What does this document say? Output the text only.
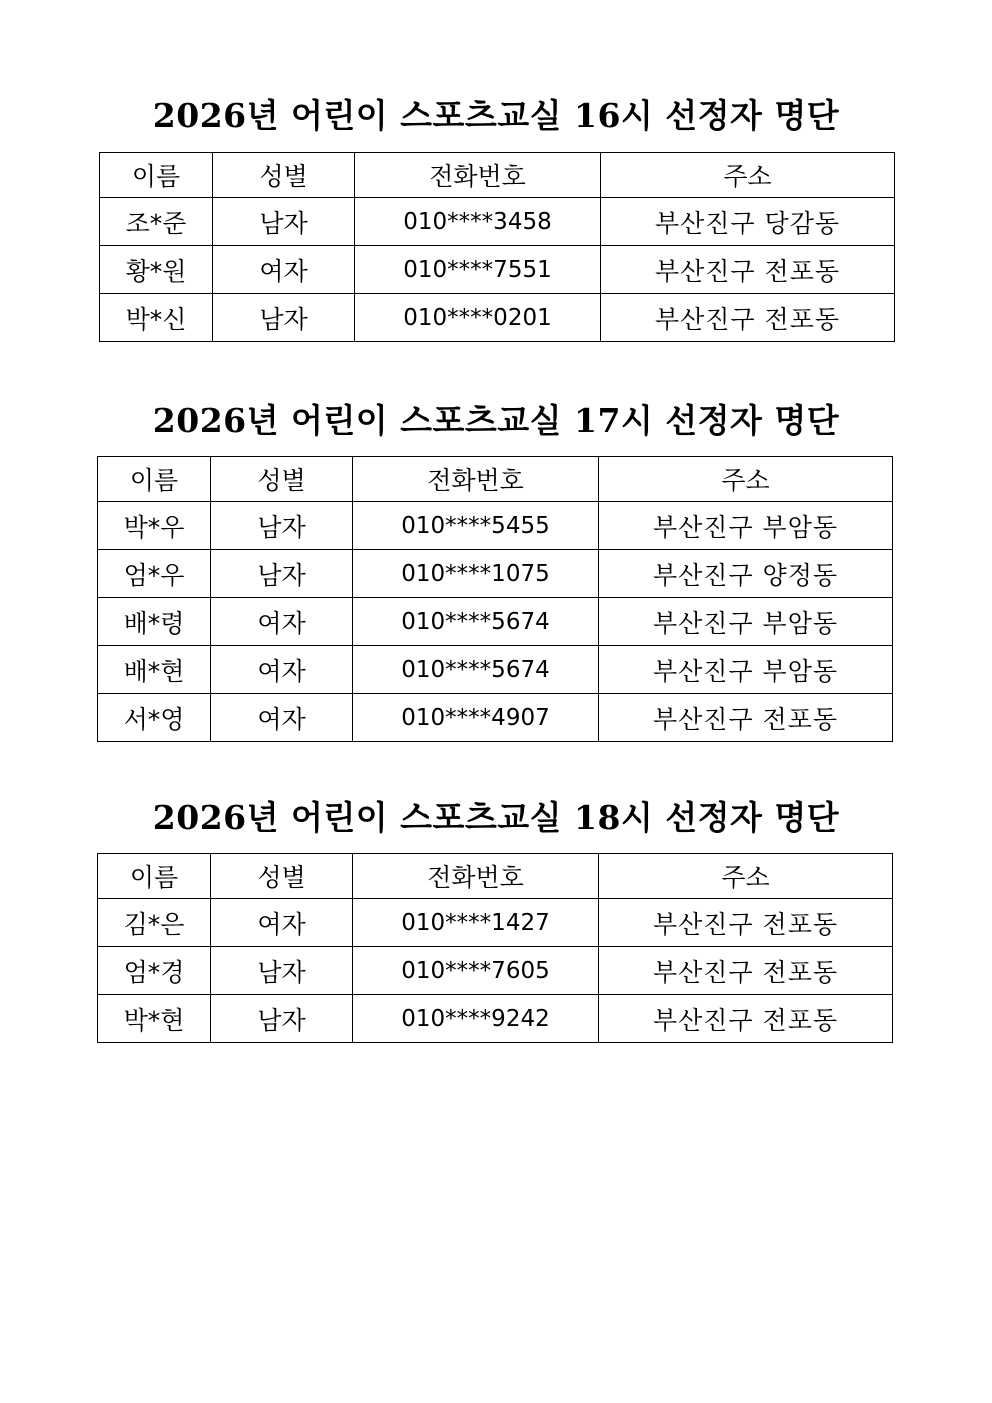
2026년 어린이 스포츠교실 16시 선정자 명단
이름	성별	전화번호	주소
조*준	남자	010****3458	부산진구 당감동
황*원	여자	010****7551	부산진구 전포동
박*신	남자	010****0201	부산진구 전포동
2026년 어린이 스포츠교실 17시 선정자 명단
이름	성별	전화번호	주소
박*우	남자	010****5455	부산진구 부암동
엄*우	남자	010****1075	부산진구 양정동
배*령	여자	010****5674	부산진구 부암동
배*현	여자	010****5674	부산진구 부암동
서*영	여자	010****4907	부산진구 전포동
2026년 어린이 스포츠교실 18시 선정자 명단
이름	성별	전화번호	주소
김*은	여자	010****1427	부산진구 전포동
엄*경	남자	010****7605	부산진구 전포동
박*현	남자	010****9242	부산진구 전포동
